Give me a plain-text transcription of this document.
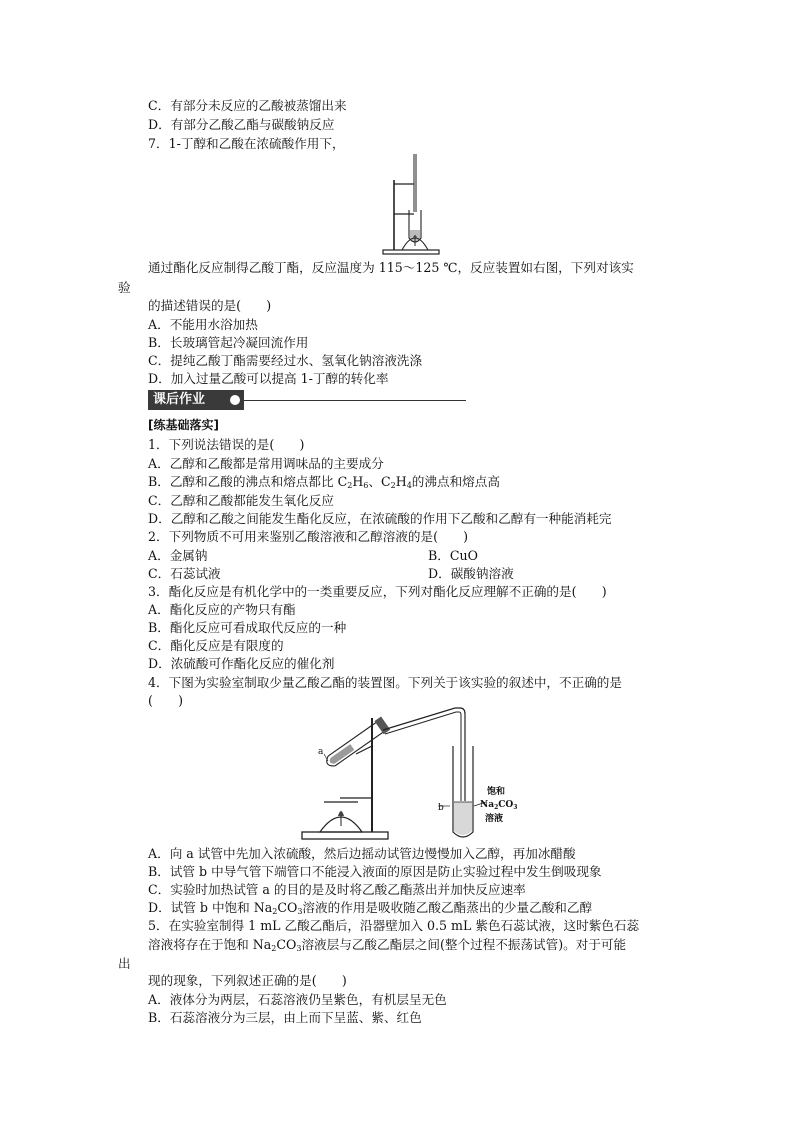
C．有部分未反应的乙酸被蒸馏出来

D．有部分乙酸乙酯与碳酸钠反应

7．1-丁醇和乙酸在浓硫酸作用下，

通过酯化反应制得乙酸丁酯，反应温度为 115～125 ℃，反应装置如右图，下列对该实

验

的描述错误的是(　　)

A．不能用水浴加热

B．长玻璃管起冷凝回流作用

C．提纯乙酸丁酯需要经过水、氢氧化钠溶液洗涤

D．加入过量乙酸可以提高 1-丁醇的转化率

课后作业

[练基础落实]

1．下列说法错误的是(　　)

A．乙醇和乙酸都是常用调味品的主要成分

B．乙醇和乙酸的沸点和熔点都比 $C_2H_6$、$C_2H_4$的沸点和熔点高

C．乙醇和乙酸都能发生氧化反应

D．乙醇和乙酸之间能发生酯化反应，在浓硫酸的作用下乙酸和乙醇有一种能消耗完

2．下列物质不可用来鉴别乙酸溶液和乙醇溶液的是(　　)

A．金属钠	B．CuO

C．石蕊试液	D．碳酸钠溶液

3．酯化反应是有机化学中的一类重要反应，下列对酯化反应理解不正确的是(　　)

A．酯化反应的产物只有酯

B．酯化反应可看成取代反应的一种

C．酯化反应是有限度的

D．浓硫酸可作酯化反应的催化剂

4．下图为实验室制取少量乙酸乙酯的装置图。下列关于该实验的叙述中，不正确的是

(　　)

a
b
饱和
$Na_2CO_3$
溶液

A．向 a 试管中先加入浓硫酸，然后边摇动试管边慢慢加入乙醇，再加冰醋酸

B．试管 b 中导气管下端管口不能浸入液面的原因是防止实验过程中发生倒吸现象

C．实验时加热试管 a 的目的是及时将乙酸乙酯蒸出并加快反应速率

D．试管 b 中饱和 $Na_2CO_3$溶液的作用是吸收随乙酸乙酯蒸出的少量乙酸和乙醇

5．在实验室制得 1 mL 乙酸乙酯后，沿器壁加入 0.5 mL 紫色石蕊试液，这时紫色石蕊

溶液将存在于饱和 $Na_2CO_3$溶液层与乙酸乙酯层之间(整个过程不振荡试管)。对于可能

出

现的现象，下列叙述正确的是(　　)

A．液体分为两层，石蕊溶液仍呈紫色，有机层呈无色

B．石蕊溶液分为三层，由上而下呈蓝、紫、红色
